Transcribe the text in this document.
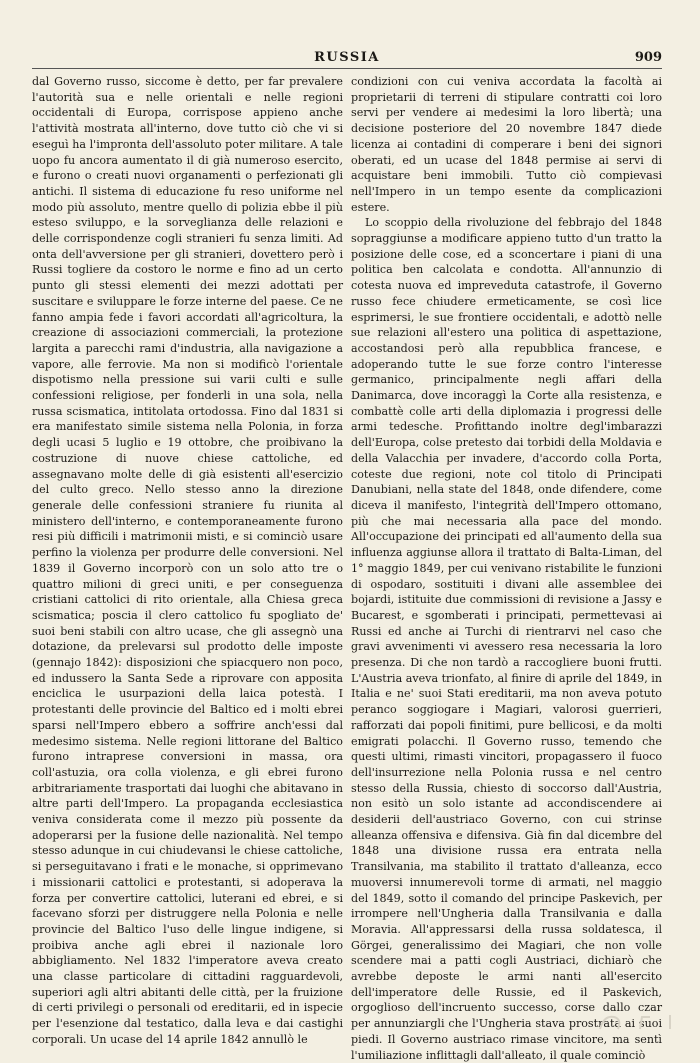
RUSSIA	909

dal Governo russo, siccome è detto, per far prevalere l'autorità sua e nelle orientali e nelle regioni occidentali di Europa, corrispose appieno anche l'attività mostrata all'interno, dove tutto ciò che vi si eseguì ha l'impronta dell'assoluto poter militare. A tale uopo fu ancora aumentato il di già numeroso esercito, e furono o creati nuovi organamenti o perfezionati gli antichi. Il sistema di educazione fu reso uniforme nel modo più assoluto, mentre quello di polizia ebbe il più esteso sviluppo, e la sorveglianza delle relazioni e delle corrispondenze cogli stranieri fu senza limiti. Ad onta dell'avversione per gli stranieri, dovettero però i Russi togliere da costoro le norme e fino ad un certo punto gli stessi elementi dei mezzi adottati per suscitare e sviluppare le forze interne del paese. Ce ne fanno ampia fede i favori accordati all'agricoltura, la creazione di associazioni commerciali, la protezione largita a parecchi rami d'industria, alla navigazione a vapore, alle ferrovie. Ma non si modificò l'orientale dispotismo nella pressione sui varii culti e sulle confessioni religiose, per fonderli in una sola, nella russa scismatica, intitolata ortodossa. Fino dal 1831 si era manifestato simile sistema nella Polonia, in forza degli ucasi 5 luglio e 19 ottobre, che proibivano la costruzione di nuove chiese cattoliche, ed assegnavano molte delle di già esistenti all'esercizio del culto greco. Nello stesso anno la direzione generale delle confessioni straniere fu riunita al ministero dell'interno, e contemporaneamente furono resi più difficili i matrimonii misti, e si cominciò usare perfino la violenza per produrre delle conversioni. Nel 1839 il Governo incorporò con un solo atto tre o quattro milioni di greci uniti, e per conseguenza cristiani cattolici di rito orientale, alla Chiesa greca scismatica; poscia il clero cattolico fu spogliato de' suoi beni stabili con altro ucase, che gli assegnò una dotazione, da prelevarsi sul prodotto delle imposte (gennajo 1842): disposizioni che spiacquero non poco, ed indussero la Santa Sede a riprovare con apposita enciclica le usurpazioni della laica potestà. I protestanti delle provincie del Baltico ed i molti ebrei sparsi nell'Impero ebbero a soffrire anch'essi dal medesimo sistema. Nelle regioni littorane del Baltico furono intraprese conversioni in massa, ora coll'astuzia, ora colla violenza, e gli ebrei furono arbitrariamente trasportati dai luoghi che abitavano in altre parti dell'Impero. La propaganda ecclesiastica veniva considerata come il mezzo più possente da adoperarsi per la fusione delle nazionalità. Nel tempo stesso adunque in cui chiudevansi le chiese cattoliche, si perseguitavano i frati e le monache, si opprimevano i missionarii cattolici e protestanti, si adoperava la forza per convertire cattolici, luterani ed ebrei, e si facevano sforzi per distruggere nella Polonia e nelle provincie del Baltico l'uso delle lingue indigene, si proibiva anche agli ebrei il nazionale loro abbigliamento. Nel 1832 l'imperatore aveva creato una classe particolare di cittadini ragguardevoli, superiori agli altri abitanti delle città, per la fruizione di certi privilegi o personali od ereditarii, ed in ispecie per l'esenzione dal testatico, dalla leva e dai castighi corporali. Un ucase del 14 aprile 1842 annullò le

condizioni con cui veniva accordata la facoltà ai proprietarii di terreni di stipulare contratti coi loro servi per vendere ai medesimi la loro libertà; una decisione posteriore del 20 novembre 1847 diede licenza ai contadini di comperare i beni dei signori oberati, ed un ucase del 1848 permise ai servi di acquistare beni immobili. Tutto ciò compievasi nell'Impero in un tempo esente da complicazioni estere.

Lo scoppio della rivoluzione del febbrajo del 1848 sopraggiunse a modificare appieno tutto d'un tratto la posizione delle cose, ed a sconcertare i piani di una politica ben calcolata e condotta. All'annunzio di cotesta nuova ed impreveduta catastrofe, il Governo russo fece chiudere ermeticamente, se così lice esprimersi, le sue frontiere occidentali, e adottò nelle sue relazioni all'estero una politica di aspettazione, accostandosi però alla repubblica francese, e adoperando tutte le sue forze contro l'interesse germanico, principalmente negli affari della Danimarca, dove incoraggì la Corte alla resistenza, e combattè colle arti della diplomazia i progressi delle armi tedesche. Profittando inoltre degl'imbarazzi dell'Europa, colse pretesto dai torbidi della Moldavia e della Valacchia per invadere, d'accordo colla Porta, coteste due regioni, note col titolo di Principati Danubiani, nella state del 1848, onde difendere, come diceva il manifesto, l'integrità dell'Impero ottomano, più che mai necessaria alla pace del mondo. All'occupazione dei principati ed all'aumento della sua influenza aggiunse allora il trattato di Balta-Liman, del 1° maggio 1849, per cui venivano ristabilite le funzioni di ospodaro, sostituiti i divani alle assemblee dei bojardi, istituite due commissioni di revisione a Jassy e Bucarest, e sgomberati i principati, permettevasi ai Russi ed anche ai Turchi di rientrarvi nel caso che gravi avvenimenti vi avessero resa necessaria la loro presenza. Di che non tardò a raccogliere buoni frutti. L'Austria aveva trionfato, al finire di aprile del 1849, in Italia e ne' suoi Stati ereditarii, ma non aveva potuto peranco soggiogare i Magiari, valorosi guerrieri, rafforzati dai popoli finitimi, pure bellicosi, e da molti emigrati polacchi. Il Governo russo, temendo che questi ultimi, rimasti vincitori, propagassero il fuoco dell'insurrezione nella Polonia russa e nel centro stesso della Russia, chiesto di soccorso dall'Austria, non esitò un solo istante ad accondiscendere ai desiderii dell'austriaco Governo, con cui strinse alleanza offensiva e difensiva. Già fin dal dicembre del 1848 una divisione russa era entrata nella Transilvania, ma stabilito il trattato d'alleanza, ecco muoversi innumerevoli torme di armati, nel maggio del 1849, sotto il comando del principe Paskevich, per irrompere nell'Ungheria dalla Transilvania e dalla Moravia. All'appressarsi della russa soldatesca, il Görgei, generalissimo dei Magiari, che non volle scendere mai a patti cogli Austriaci, dichiarò che avrebbe deposte le armi nanti all'esercito dell'imperatore delle Russie, ed il Paskevich, orgoglioso dell'incruento successo, corse dallo czar per annunziargli che l'Ungheria stava prostrata ai suoi piedi. Il Governo austriaco rimase vincitore, ma sentì l'umiliazione inflittagli dall'alleato, il quale cominciò
